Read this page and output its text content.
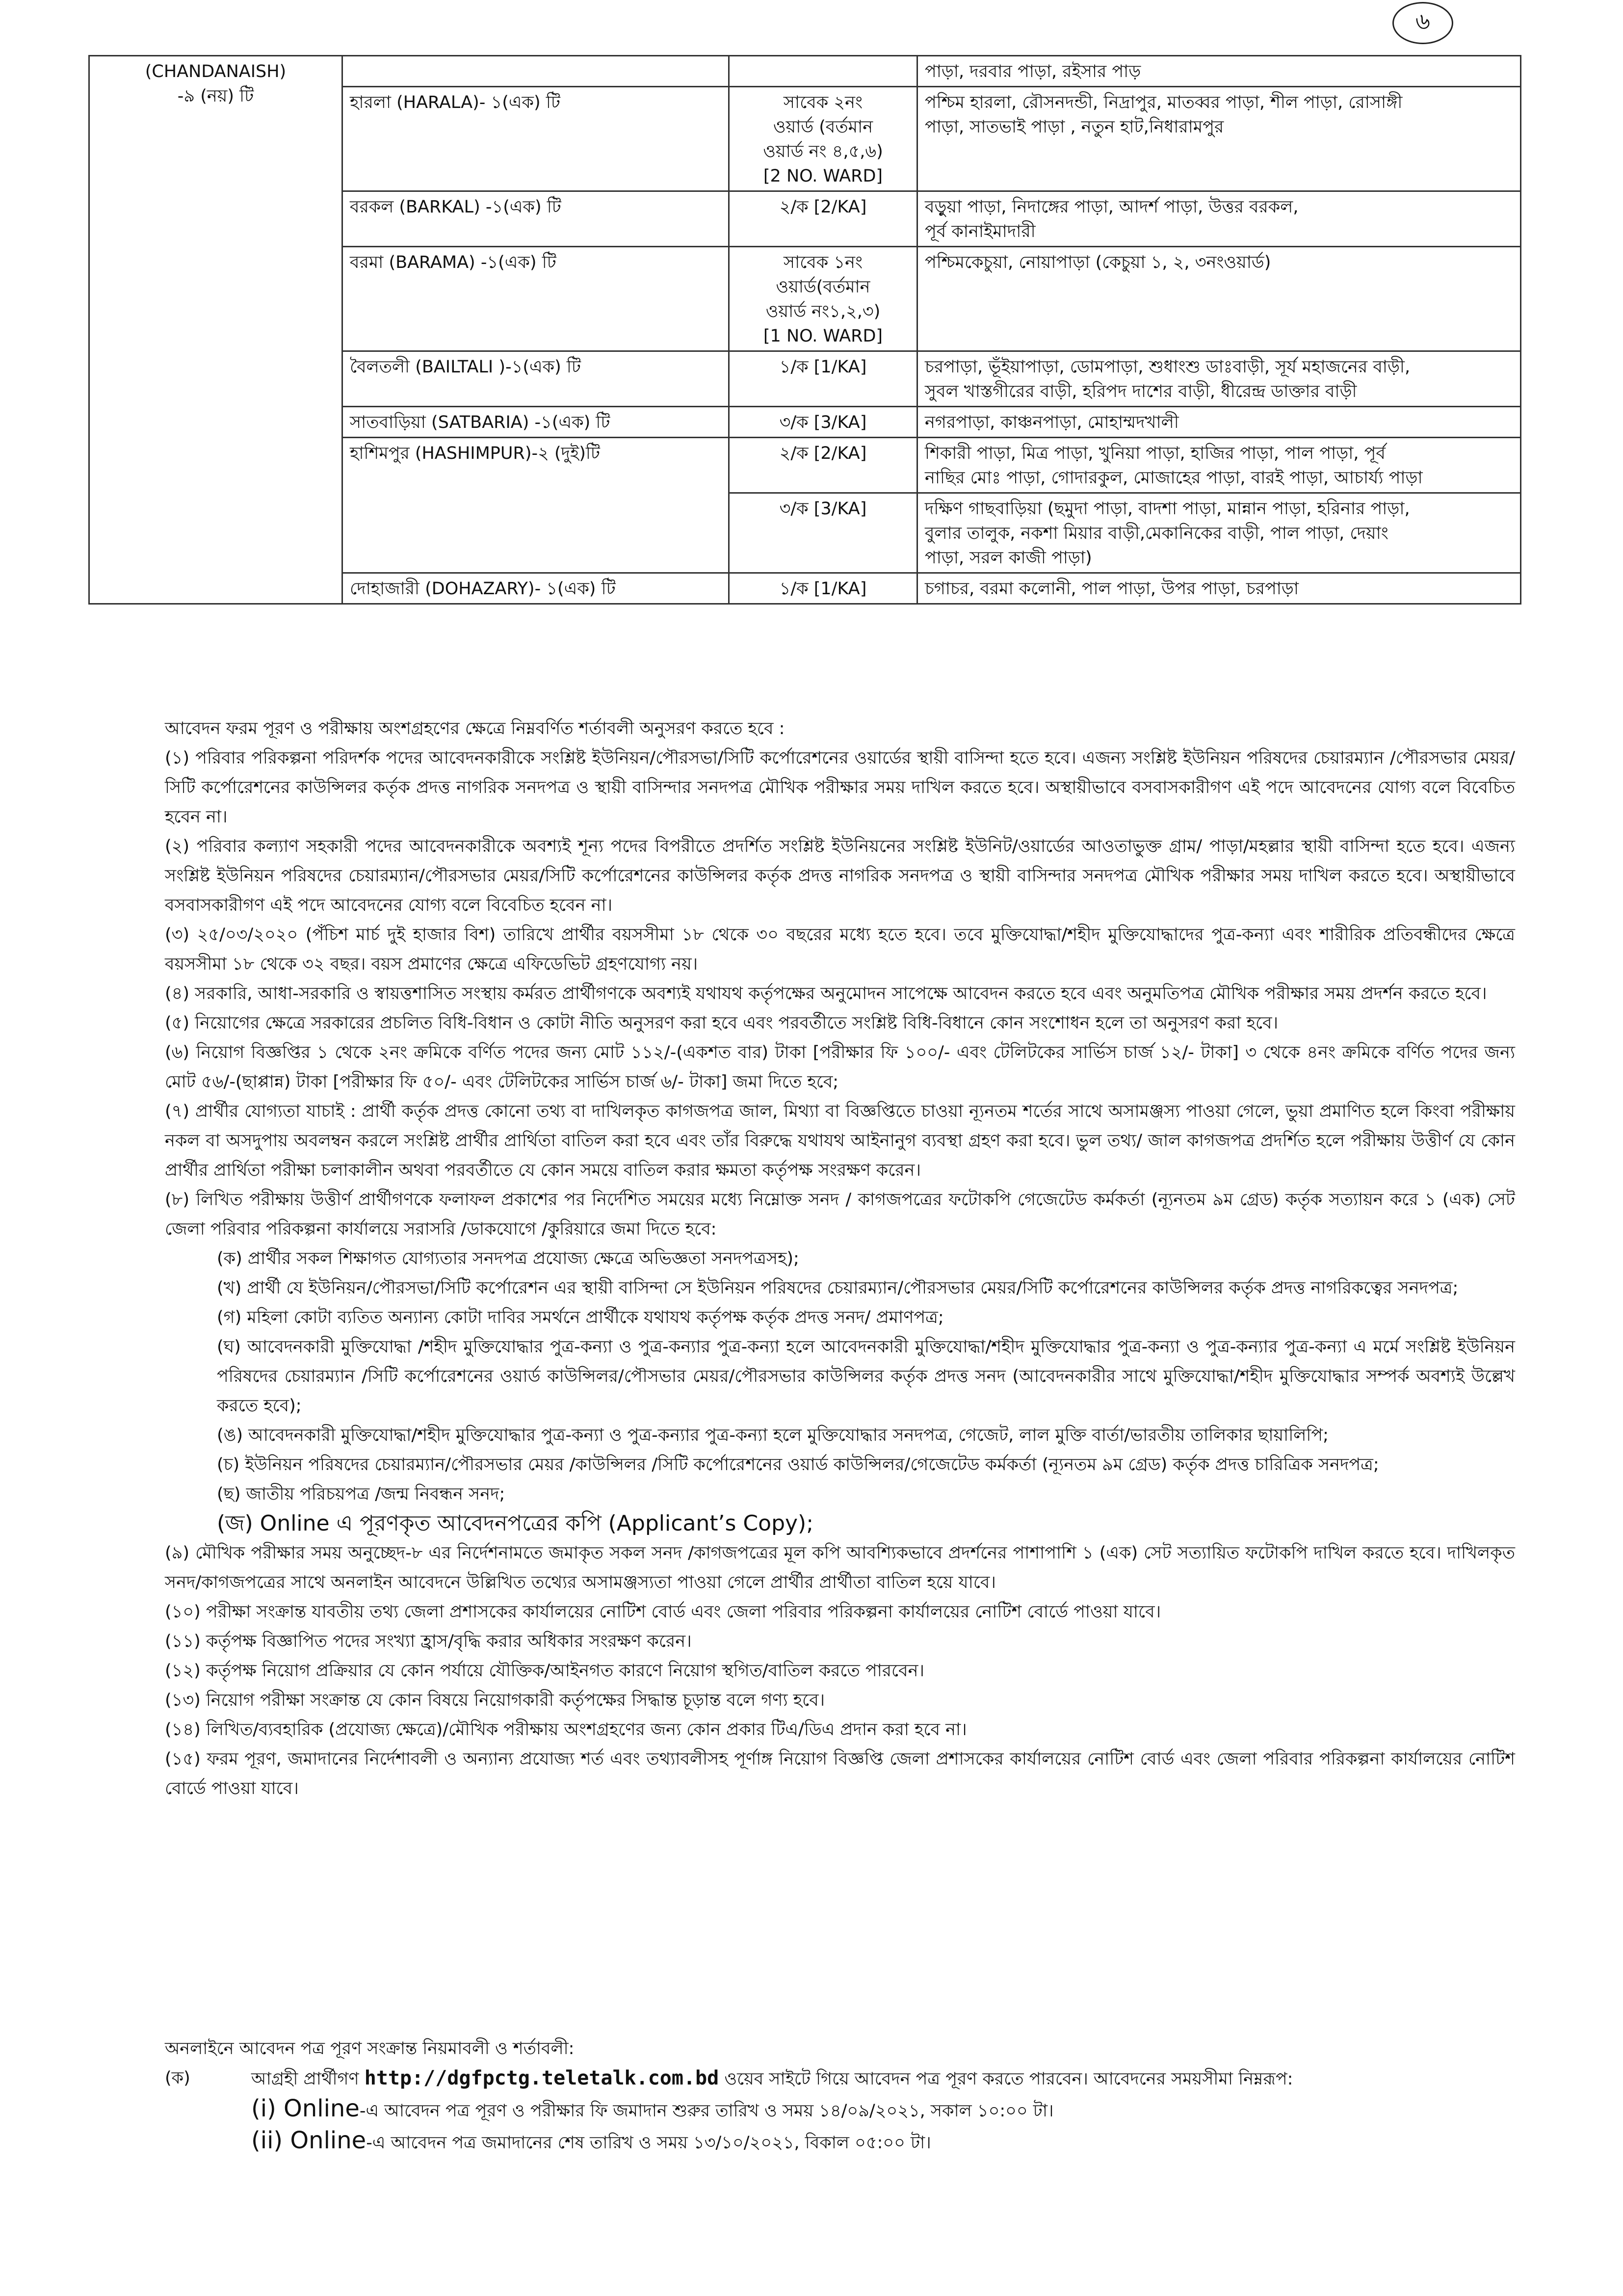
৬
(CHANDANAISH)
-৯ (নয়) টি			পাড়া, দরবার পাড়া, রইসার পাড়
	হারলা (HARALA)- ১(এক) টি	সাবেক ২নং
ওয়ার্ড (বর্তমান
ওয়ার্ড নং ৪,৫,৬)
[2 NO. WARD]	পশ্চিম হারলা, রৌসনদন্ডী, নিদ্রাপুর, মাতব্বর পাড়া, শীল পাড়া, রোসাঙ্গী
পাড়া, সাতভাই পাড়া , নতুন হাট,নিধারামপুর
	বরকল (BARKAL) -১(এক) টি	২/ক [2/KA]	বড়ুয়া পাড়া, নিদাঙ্গের পাড়া, আদর্শ পাড়া, উত্তর বরকল,
পূর্ব কানাইমাদারী
	বরমা (BARAMA) -১(এক) টি	সাবেক ১নং
ওয়ার্ড(বর্তমান
ওয়ার্ড নং১,২,৩)
[1 NO. WARD]	পশ্চিমকেচুয়া, নোয়াপাড়া (কেচুয়া ১, ২, ৩নংওয়ার্ড)
	বৈলতলী (BAILTALI )-১(এক) টি	১/ক [1/KA]	চরপাড়া, ভূঁইয়াপাড়া, ডোমপাড়া, শুধাংশু ডাঃবাড়ী, সূর্য মহাজনের বাড়ী,
সুবল খাস্তগীরের বাড়ী, হরিপদ দাশের বাড়ী, ধীরেন্দ্র ডাক্তার বাড়ী
	সাতবাড়িয়া (SATBARIA) -১(এক) টি	৩/ক [3/KA]	নগরপাড়া, কাঞ্চনপাড়া, মোহাম্মদখালী
	হাশিমপুর (HASHIMPUR)-২ (দুই)টি	২/ক [2/KA]	শিকারী পাড়া, মিত্র পাড়া, খুনিয়া পাড়া, হাজির পাড়া, পাল পাড়া, পূর্ব
নাছির মোঃ পাড়া, গোদারকুল, মোজাহের পাড়া, বারই পাড়া, আচার্য্য পাড়া
		৩/ক [3/KA]	দক্ষিণ গাছবাড়িয়া (ছমুদা পাড়া, বাদশা পাড়া, মান্নান পাড়া, হরিনার পাড়া,
বুলার তালুক, নকশা মিয়ার বাড়ী,মেকানিকের বাড়ী, পাল পাড়া, দেয়াং
পাড়া, সরল কাজী পাড়া)
	দোহাজারী (DOHAZARY)- ১(এক) টি	১/ক [1/KA]	চগাচর, বরমা কলোনী, পাল পাড়া, উপর পাড়া, চরপাড়া

আবেদন ফরম পূরণ ও পরীক্ষায় অংশগ্রহণের ক্ষেত্রে নিম্নবর্ণিত শর্তাবলী অনুসরণ করতে হবে :

(১) পরিবার পরিকল্পনা পরিদর্শক পদের আবেদনকারীকে সংশ্লিষ্ট ইউনিয়ন/পৌরসভা/সিটি কর্পোরেশনের ওয়ার্ডের স্থায়ী বাসিন্দা হতে হবে। এজন্য সংশ্লিষ্ট ইউনিয়ন পরিষদের চেয়ারম্যান /পৌরসভার মেয়র/সিটি কর্পোরেশনের কাউন্সিলর কর্তৃক প্রদত্ত নাগরিক সনদপত্র ও স্থায়ী বাসিন্দার সনদপত্র মৌখিক পরীক্ষার সময় দাখিল করতে হবে। অস্থায়ীভাবে বসবাসকারীগণ এই পদে আবেদনের যোগ্য বলে বিবেচিত হবেন না।

(২) পরিবার কল্যাণ সহকারী পদের আবেদনকারীকে অবশ্যই শূন্য পদের বিপরীতে প্রদর্শিত সংশ্লিষ্ট ইউনিয়নের সংশ্লিষ্ট ইউনিট/ওয়ার্ডের আওতাভুক্ত গ্রাম/ পাড়া/মহল্লার স্থায়ী বাসিন্দা হতে হবে। এজন্য সংশ্লিষ্ট ইউনিয়ন পরিষদের চেয়ারম্যান/পৌরসভার মেয়র/সিটি কর্পোরেশনের কাউন্সিলর কর্তৃক প্রদত্ত নাগরিক সনদপত্র ও স্থায়ী বাসিন্দার সনদপত্র মৌখিক পরীক্ষার সময় দাখিল করতে হবে। অস্থায়ীভাবে বসবাসকারীগণ এই পদে আবেদনের যোগ্য বলে বিবেচিত হবেন না।

(৩) ২৫/০৩/২০২০ (পঁচিশ মার্চ দুই হাজার বিশ) তারিখে প্রার্থীর বয়সসীমা ১৮ থেকে ৩০ বছরের মধ্যে হতে হবে। তবে মুক্তিযোদ্ধা/শহীদ মুক্তিযোদ্ধাদের পুত্র-কন্যা এবং শারীরিক প্রতিবন্ধীদের ক্ষেত্রে বয়সসীমা ১৮ থেকে ৩২ বছর। বয়স প্রমাণের ক্ষেত্রে এফিডেভিট গ্রহণযোগ্য নয়।

(৪) সরকারি, আধা-সরকারি ও স্বায়ত্তশাসিত সংস্থায় কর্মরত প্রার্থীগণকে অবশ্যই যথাযথ কর্তৃপক্ষের অনুমোদন সাপেক্ষে আবেদন করতে হবে এবং অনুমতিপত্র মৌখিক পরীক্ষার সময় প্রদর্শন করতে হবে।

(৫) নিয়োগের ক্ষেত্রে সরকারের প্রচলিত বিধি-বিধান ও কোটা নীতি অনুসরণ করা হবে এবং পরবর্তীতে সংশ্লিষ্ট বিধি-বিধানে কোন সংশোধন হলে তা অনুসরণ করা হবে।

(৬) নিয়োগ বিজ্ঞপ্তির ১ থেকে ২নং ক্রমিকে বর্ণিত পদের জন্য মোট ১১২/-(একশত বার) টাকা [পরীক্ষার ফি ১০০/- এবং টেলিটকের সার্ভিস চার্জ ১২/- টাকা] ৩ থেকে ৪নং ক্রমিকে বর্ণিত পদের জন্য মোট ৫৬/-(ছাপ্পান্ন) টাকা [পরীক্ষার ফি ৫০/- এবং টেলিটকের সার্ভিস চার্জ ৬/- টাকা] জমা দিতে হবে;

(৭) প্রার্থীর যোগ্যতা যাচাই : প্রার্থী কর্তৃক প্রদত্ত কোনো তথ্য বা দাখিলকৃত কাগজপত্র জাল, মিথ্যা বা বিজ্ঞপ্তিতে চাওয়া ন্যূনতম শর্তের সাথে অসামঞ্জস্য পাওয়া গেলে, ভুয়া প্রমাণিত হলে কিংবা পরীক্ষায় নকল বা অসদুপায় অবলম্বন করলে সংশ্লিষ্ট প্রার্থীর প্রার্থিতা বাতিল করা হবে এবং তাঁর বিরুদ্ধে যথাযথ আইনানুগ ব্যবস্থা গ্রহণ করা হবে। ভুল তথ্য/ জাল কাগজপত্র প্রদর্শিত হলে পরীক্ষায় উত্তীর্ণ যে কোন প্রার্থীর প্রার্থিতা পরীক্ষা চলাকালীন অথবা পরবর্তীতে যে কোন সময়ে বাতিল করার ক্ষমতা কর্তৃপক্ষ সংরক্ষণ করেন।

(৮) লিখিত পরীক্ষায় উত্তীর্ণ প্রার্থীগণকে ফলাফল প্রকাশের পর নির্দেশিত সময়ের মধ্যে নিম্নোক্ত সনদ / কাগজপত্রের ফটোকপি গেজেটেড কর্মকর্তা (ন্যূনতম ৯ম গ্রেড) কর্তৃক সত্যায়ন করে ১ (এক) সেট জেলা পরিবার পরিকল্পনা কার্যালয়ে সরাসরি /ডাকযোগে /কুরিয়ারে জমা দিতে হবে:

(ক) প্রার্থীর সকল শিক্ষাগত যোগ্যতার সনদপত্র প্রযোজ্য ক্ষেত্রে অভিজ্ঞতা সনদপত্রসহ);

(খ) প্রার্থী যে ইউনিয়ন/পৌরসভা/সিটি কর্পোরেশন এর স্থায়ী বাসিন্দা সে ইউনিয়ন পরিষদের চেয়ারম্যান/পৌরসভার মেয়র/সিটি কর্পোরেশনের কাউন্সিলর কর্তৃক প্রদত্ত নাগরিকত্বের সনদপত্র;

(গ) মহিলা কোটা ব্যতিত অন্যান্য কোটা দাবির সমর্থনে প্রার্থীকে যথাযথ কর্তৃপক্ষ কর্তৃক প্রদত্ত সনদ/ প্রমাণপত্র;

(ঘ) আবেদনকারী মুক্তিযোদ্ধা /শহীদ মুক্তিযোদ্ধার পুত্র-কন্যা ও পুত্র-কন্যার পুত্র-কন্যা হলে আবেদনকারী মুক্তিযোদ্ধা/শহীদ মুক্তিযোদ্ধার পুত্র-কন্যা ও পুত্র-কন্যার পুত্র-কন্যা এ মর্মে সংশ্লিষ্ট ইউনিয়ন পরিষদের চেয়ারম্যান /সিটি কর্পোরেশনের ওয়ার্ড কাউন্সিলর/পৌসভার মেয়র/পৌরসভার কাউন্সিলর কর্তৃক প্রদত্ত সনদ (আবেদনকারীর সাথে মুক্তিযোদ্ধা/শহীদ মুক্তিযোদ্ধার সম্পর্ক অবশ্যই উল্লেখ করতে হবে);

(ঙ) আবেদনকারী মুক্তিযোদ্ধা/শহীদ মুক্তিযোদ্ধার পুত্র-কন্যা ও পুত্র-কন্যার পুত্র-কন্যা হলে মুক্তিযোদ্ধার সনদপত্র, গেজেট, লাল মুক্তি বার্তা/ভারতীয় তালিকার ছায়ালিপি;

(চ) ইউনিয়ন পরিষদের চেয়ারম্যান/পৌরসভার মেয়র /কাউন্সিলর /সিটি কর্পোরেশনের ওয়ার্ড কাউন্সিলর/গেজেটেড কর্মকর্তা (ন্যূনতম ৯ম গ্রেড) কর্তৃক প্রদত্ত চারিত্রিক সনদপত্র;

(ছ) জাতীয় পরিচয়পত্র /জন্ম নিবন্ধন সনদ;

(জ) Online এ পূরণকৃত আবেদনপত্রের কপি (Applicant’s Copy);

(৯) মৌখিক পরীক্ষার সময় অনুচ্ছেদ-৮ এর নির্দেশনামতে জমাকৃত সকল সনদ /কাগজপত্রের মূল কপি আবশ্যিকভাবে প্রদর্শনের পাশাপাশি ১ (এক) সেট সত্যায়িত ফটোকপি দাখিল করতে হবে। দাখিলকৃত সনদ/কাগজপত্রের সাথে অনলাইন আবেদনে উল্লিখিত তথ্যের অসামঞ্জস্যতা পাওয়া গেলে প্রার্থীর প্রার্থীতা বাতিল হয়ে যাবে।

(১০) পরীক্ষা সংক্রান্ত যাবতীয় তথ্য জেলা প্রশাসকের কার্যালয়ের নোটিশ বোর্ড এবং জেলা পরিবার পরিকল্পনা কার্যালয়ের নোটিশ বোর্ডে পাওয়া যাবে।

(১১) কর্তৃপক্ষ বিজ্ঞাপিত পদের সংখ্যা হ্রাস/বৃদ্ধি করার অধিকার সংরক্ষণ করেন।

(১২) কর্তৃপক্ষ নিয়োগ প্রক্রিয়ার যে কোন পর্যায়ে যৌক্তিক/আইনগত কারণে নিয়োগ স্থগিত/বাতিল করতে পারবেন।

(১৩) নিয়োগ পরীক্ষা সংক্রান্ত যে কোন বিষয়ে নিয়োগকারী কর্তৃপক্ষের সিদ্ধান্ত চূড়ান্ত বলে গণ্য হবে।

(১৪) লিখিত/ব্যবহারিক (প্রযোজ্য ক্ষেত্রে)/মৌখিক পরীক্ষায় অংশগ্রহণের জন্য কোন প্রকার টিএ/ডিএ প্রদান করা হবে না।

(১৫) ফরম পূরণ, জমাদানের নির্দেশাবলী ও অন্যান্য প্রযোজ্য শর্ত এবং তথ্যাবলীসহ পূর্ণাঙ্গ নিয়োগ বিজ্ঞপ্তি জেলা প্রশাসকের কার্যালয়ের নোটিশ বোর্ড এবং জেলা পরিবার পরিকল্পনা কার্যালয়ের নোটিশ বোর্ডে পাওয়া যাবে।

অনলাইনে আবেদন পত্র পূরণ সংক্রান্ত নিয়মাবলী ও শর্তাবলী:
(ক)	আগ্রহী প্রার্থীগণ http://dgfpctg.teletalk.com.bd ওয়েব সাইটে গিয়ে আবেদন পত্র পূরণ করতে পারবেন। আবেদনের সময়সীমা নিম্নরূপ:
(i) Online-এ আবেদন পত্র পূরণ ও পরীক্ষার ফি জমাদান শুরুর তারিখ ও সময় ১৪/০৯/২০২১, সকাল ১০:০০ টা।
(ii) Online-এ আবেদন পত্র জমাদানের শেষ তারিখ ও সময় ১৩/১০/২০২১, বিকাল ০৫:০০ টা।
